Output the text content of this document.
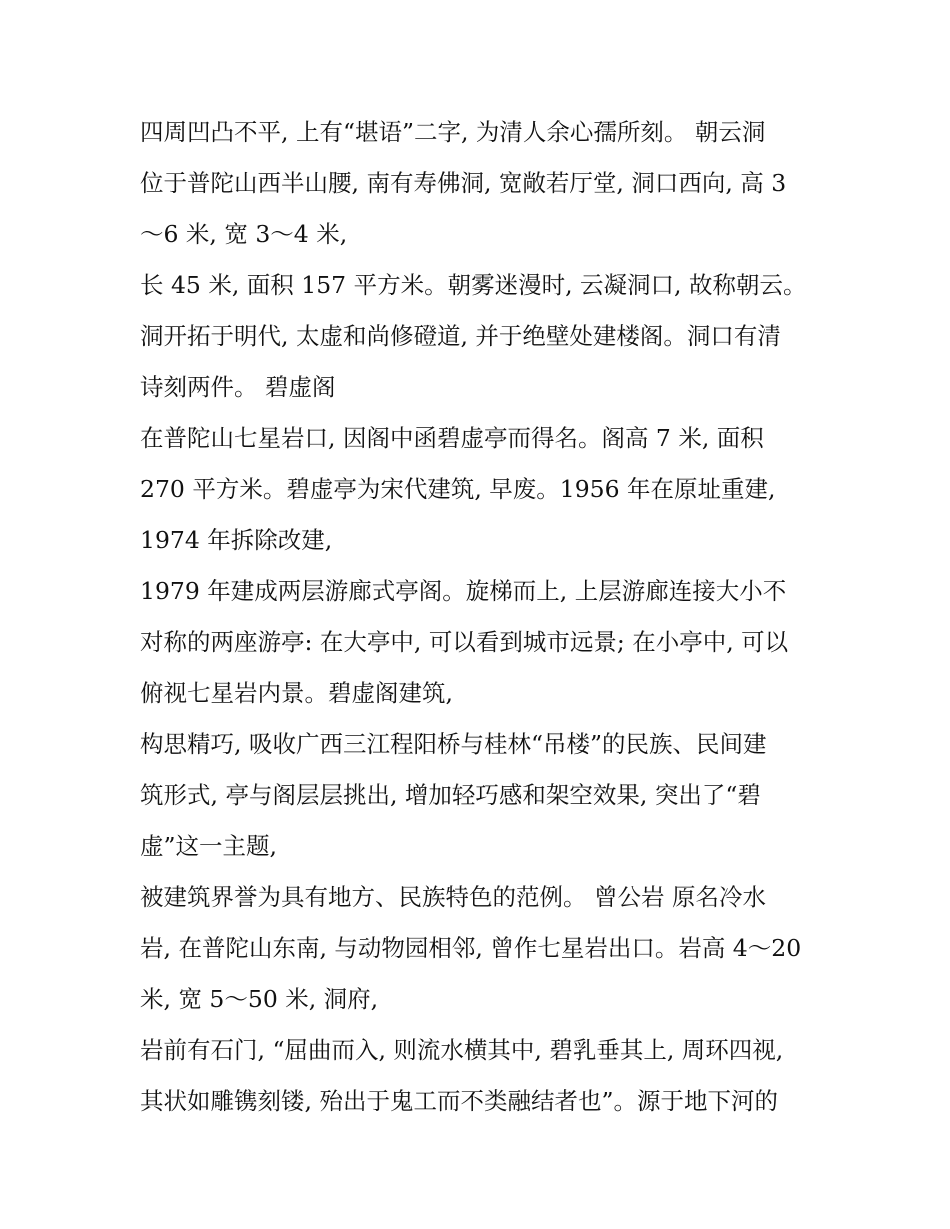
四周凹凸不平, 上有“堪语”二字, 为清人余心孺所刻。 朝云洞
位于普陀山西半山腰, 南有寿佛洞, 宽敞若厅堂, 洞口西向, 高 3
～6 米, 宽 3～4 米,
长 45 米, 面积 157 平方米。朝雾迷漫时, 云凝洞口, 故称朝云。
洞开拓于明代, 太虚和尚修磴道, 并于绝壁处建楼阁。洞口有清
诗刻两件。 碧虚阁
在普陀山七星岩口, 因阁中函碧虚亭而得名。阁高 7 米, 面积
270 平方米。碧虚亭为宋代建筑, 早废。1956 年在原址重建,
1974 年拆除改建,
1979 年建成两层游廊式亭阁。旋梯而上, 上层游廊连接大小不
对称的两座游亭: 在大亭中, 可以看到城市远景; 在小亭中, 可以
俯视七星岩内景。碧虚阁建筑,
构思精巧, 吸收广西三江程阳桥与桂林“吊楼”的民族、民间建
筑形式, 亭与阁层层挑出, 增加轻巧感和架空效果, 突出了“碧
虚”这一主题,
被建筑界誉为具有地方、民族特色的范例。 曾公岩 原名冷水
岩, 在普陀山东南, 与动物园相邻, 曾作七星岩出口。岩高 4～20
米, 宽 5～50 米, 洞府,
岩前有石门, “屈曲而入, 则流水横其中, 碧乳垂其上, 周环四视,
其状如雕镌刻镂, 殆出于鬼工而不类融结者也”。源于地下河的
